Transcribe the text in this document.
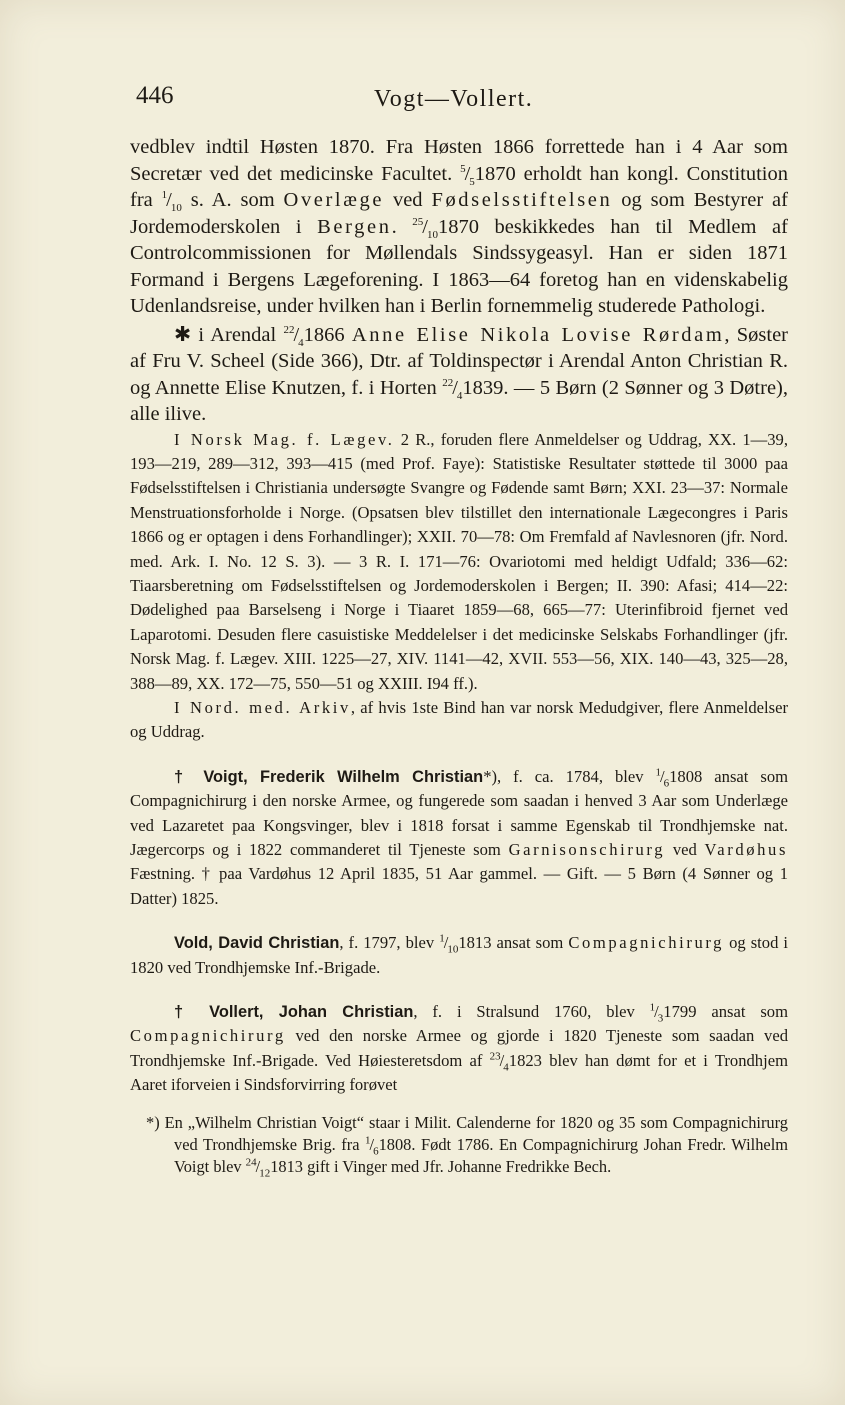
446	Vogt—Vollert.

vedblev indtil Høsten 1870. Fra Høsten 1866 forrettede han i 4 Aar som Secretær ved det medicinske Facultet. $^5/_51870$ erholdt han kongl. Constitution fra $^1/_{10}$ s. A. som Overlæge ved Fødselsstiftelsen og som Bestyrer af Jordemoderskolen i Bergen. $^{25}/_{10}1870$ beskikkedes han til Medlem af Controlcommissionen for Møllendals Sindssygeasyl. Han er siden 1871 Formand i Bergens Lægeforening. I 1863—64 foretog han en videnskabelig Udenlandsreise, under hvilken han i Berlin fornemmelig studerede Pathologi.

✱ i Arendal $^{22}/_41866$ Anne Elise Nikola Lovise Rørdam, Søster af Fru V. Scheel (Side 366), Dtr. af Toldinspectør i Arendal Anton Christian R. og Annette Elise Knutzen, f. i Horten $^{22}/_41839$. — 5 Børn (2 Sønner og 3 Døtre), alle ilive.

I Norsk Mag. f. Lægev. 2 R., foruden flere Anmeldelser og Uddrag, XX. 1—39, 193—219, 289—312, 393—415 (med Prof. Faye): Statistiske Resultater støttede til 3000 paa Fødselsstiftelsen i Christiania undersøgte Svangre og Fødende samt Børn; XXI. 23—37: Normale Menstruationsforholde i Norge. (Opsatsen blev tilstillet den internationale Lægecongres i Paris 1866 og er optagen i dens Forhandlinger); XXII. 70—78: Om Fremfald af Navlesnoren (jfr. Nord. med. Ark. I. No. 12 S. 3). — 3 R. I. 171—76: Ovariotomi med heldigt Udfald; 336—62: Tiaarsberetning om Fødselsstiftelsen og Jordemoderskolen i Bergen; II. 390: Afasi; 414—22: Dødelighed paa Barselseng i Norge i Tiaaret 1859—68, 665—77: Uterinfibroid fjernet ved Laparotomi. Desuden flere casuistiske Meddelelser i det medicinske Selskabs Forhandlinger (jfr. Norsk Mag. f. Lægev. XIII. 1225—27, XIV. 1141—42, XVII. 553—56, XIX. 140—43, 325—28, 388—89, XX. 172—75, 550—51 og XXIII. I94 ff.).

I Nord. med. Arkiv, af hvis 1ste Bind han var norsk Medudgiver, flere Anmeldelser og Uddrag.

† Voigt, Frederik Wilhelm Christian*), f. ca. 1784, blev $^1/_61808$ ansat som Compagnichirurg i den norske Armee, og fungerede som saadan i henved 3 Aar som Underlæge ved Lazaretet paa Kongsvinger, blev i 1818 forsat i samme Egenskab til Trondhjemske nat. Jægercorps og i 1822 commanderet til Tjeneste som Garnisonschirurg ved Vardøhus Fæstning. † paa Vardøhus 12 April 1835, 51 Aar gammel. — Gift. — 5 Børn (4 Sønner og 1 Datter) 1825.

Vold, David Christian, f. 1797, blev $^1/_{10}1813$ ansat som Compagnichirurg og stod i 1820 ved Trondhjemske Inf.-Brigade.

† Vollert, Johan Christian, f. i Stralsund 1760, blev $^1/_31799$ ansat som Compagnichirurg ved den norske Armee og gjorde i 1820 Tjeneste som saadan ved Trondhjemske Inf.-Brigade. Ved Høiesteretsdom af $^{23}/_41823$ blev han dømt for et i Trondhjem Aaret iforveien i Sindsforvirring forøvet

*) En „Wilhelm Christian Voigt“ staar i Milit. Calenderne for 1820 og 35 som Compagnichirurg ved Trondhjemske Brig. fra $^1/_61808$. Født 1786. En Compagnichirurg Johan Fredr. Wilhelm Voigt blev $^{24}/_{12}1813$ gift i Vinger med Jfr. Johanne Fredrikke Bech.
